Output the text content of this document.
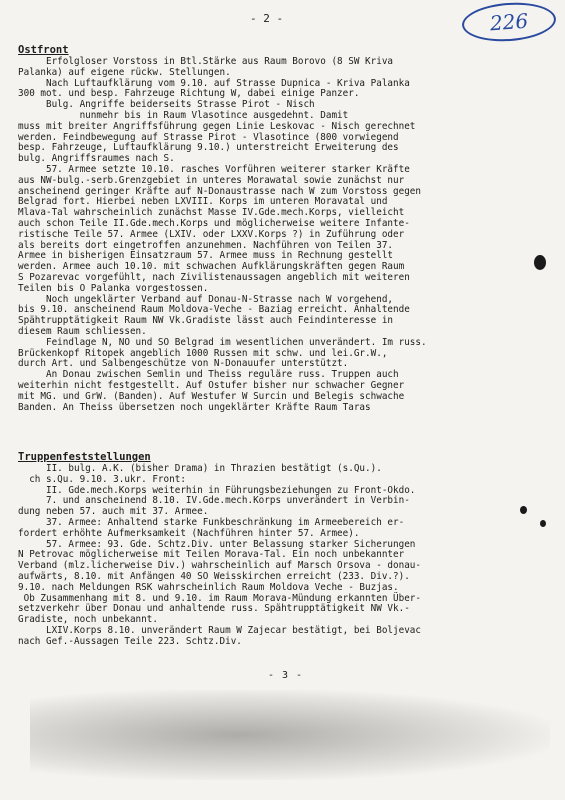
- 2 -	226
Ostfront
Erfolgloser Vorstoss in Btl.Stärke aus Raum Borovo (8 SW Kriva
Palanka) auf eigene rückw. Stellungen.
Nach Luftaufklärung vom 9.10. auf Strasse Dupnica - Kriva Palanka
300 mot. und besp. Fahrzeuge Richtung W, dabei einige Panzer.
Bulg. Angriffe beiderseits Strasse Pirot - Nisch
nunmehr bis in Raum Vlasotince ausgedehnt. Damit
muss mit breiter Angriffsführung gegen Linie Leskovac - Nisch gerechnet
werden. Feindbewegung auf Strasse Pirot - Vlasotince (800 vorwiegend
besp. Fahrzeuge, Luftaufklärung 9.10.) unterstreicht Erweiterung des
bulg. Angriffsraumes nach S.
57. Armee setzte 10.10. rasches Vorführen weiterer starker Kräfte
aus NW-bulg.-serb.Grenzgebiet in unteres Morawatal sowie zunächst nur
anscheinend geringer Kräfte auf N-Donaustrasse nach W zum Vorstoss gegen
Belgrad fort. Hierbei neben LXVIII. Korps im unteren Moravatal und
Mlava-Tal wahrscheinlich zunächst Masse IV.Gde.mech.Korps, vielleicht
auch schon Teile II.Gde.mech.Korps und möglicherweise weitere Infante-
ristische Teile 57. Armee (LXIV. oder LXXV.Korps ?) in Zuführung oder
als bereits dort eingetroffen anzunehmen. Nachführen von Teilen 37.
Armee in bisherigen Einsatzraum 57. Armee muss in Rechnung gestellt
werden. Armee auch 10.10. mit schwachen Aufklärungskräften gegen Raum
S Pozarevac vorgefühlt, nach Zivilistenaussagen angeblich mit weiteren
Teilen bis O Palanka vorgestossen.
Noch ungeklärter Verband auf Donau-N-Strasse nach W vorgehend,
bis 9.10. anscheinend Raum Moldova-Veche - Baziag erreicht. Anhaltende
Spähtrupptätigkeit Raum NW Vk.Gradiste lässt auch Feindinteresse in
diesem Raum schliessen.
Feindlage N, NO und SO Belgrad im wesentlichen unverändert. Im russ.
Brückenkopf Ritopek angeblich 1000 Russen mit schw. und lei.Gr.W.,
durch Art. und Salbengeschütze von N-Donauufer unterstützt.
An Donau zwischen Semlin und Theiss reguläre russ. Truppen auch
weiterhin nicht festgestellt. Auf Ostufer bisher nur schwacher Gegner
mit MG. und GrW. (Banden). Auf Westufer W Surcin und Belegis schwache
Banden. An Theiss übersetzen noch ungeklärter Kräfte Raum Taras
Truppenfeststellungen
II. bulg. A.K. (bisher Drama) in Thrazien bestätigt (s.Qu.).
ch s.Qu. 9.10. 3.ukr. Front:
II. Gde.mech.Korps weiterhin in Führungsbeziehungen zu Front-Okdo.
7. und anscheinend 8.10. IV.Gde.mech.Korps unverändert in Verbin-
dung neben 57. auch mit 37. Armee.
37. Armee: Anhaltend starke Funkbeschränkung im Armeebereich er-
fordert erhöhte Aufmerksamkeit (Nachführen hinter 57. Armee).
57. Armee: 93. Gde. Schtz.Div. unter Belassung starker Sicherungen
N Petrovac möglicherweise mit Teilen Morava-Tal. Ein noch unbekannter
Verband (mlz.licherweise Div.) wahrscheinlich auf Marsch Orsova - donau-
aufwärts, 8.10. mit Anfängen 40 SO Weisskirchen erreicht (233. Div.?).
9.10. nach Meldungen RSK wahrscheinlich Raum Moldova Veche - Buzjas.
Ob Zusammenhang mit 8. und 9.10. im Raum Morava-Mündung erkannten Über-
setzverkehr über Donau und anhaltende russ. Spähtrupptätigkeit NW Vk.-
Gradiste, noch unbekannt.
LXIV.Korps 8.10. unverändert Raum W Zajecar bestätigt, bei Boljevac
nach Gef.-Aussagen Teile 223. Schtz.Div.
- 3 -
